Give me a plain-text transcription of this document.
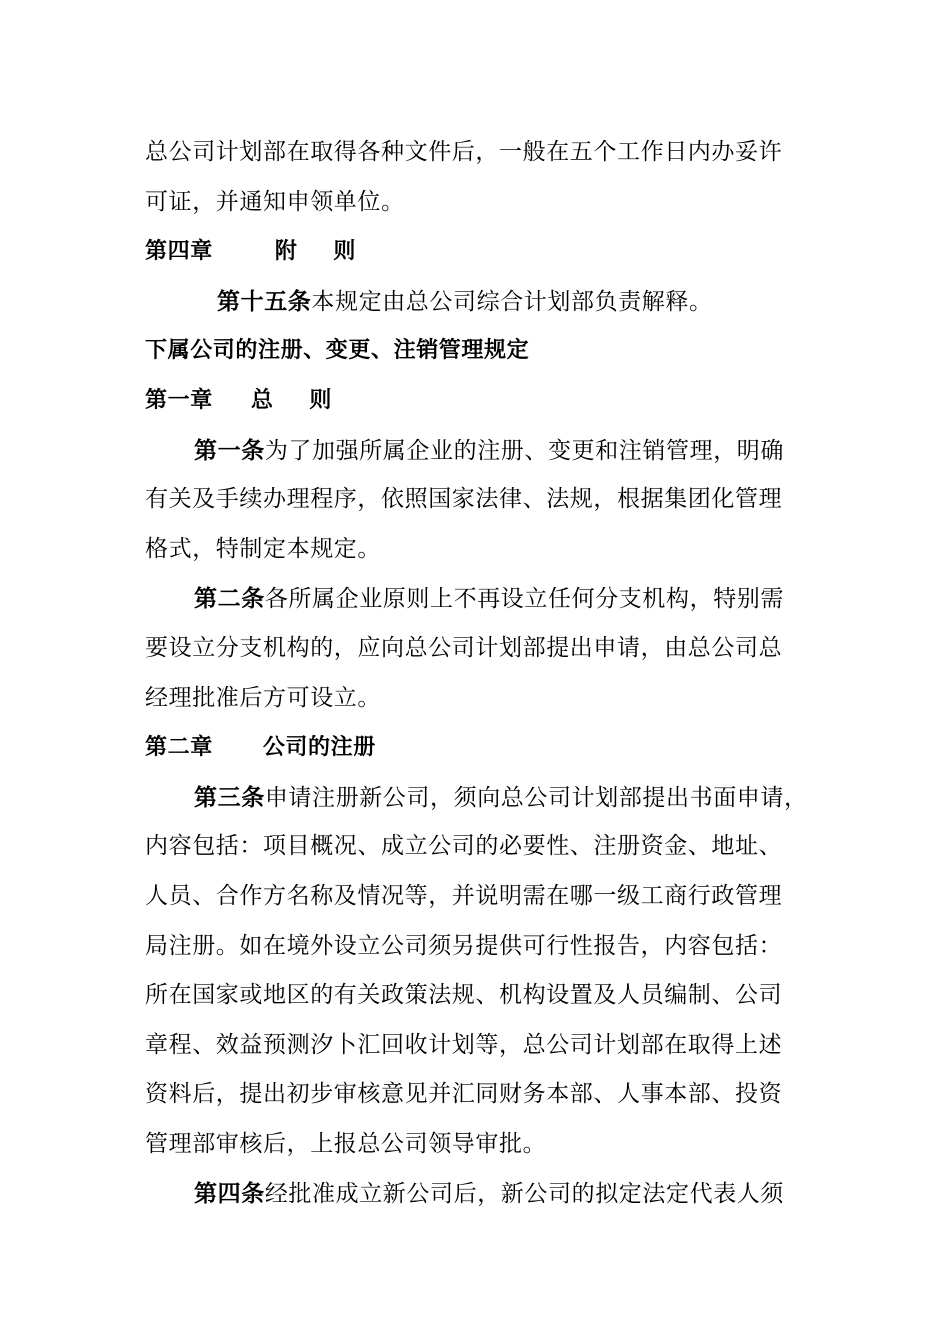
总公司计划部在取得各种文件后，一般在五个工作日内办妥许
可证，并通知申领单位。
第四章	附 则
第十五条本规定由总公司综合计划部负责解释。
下属公司的注册、变更、注销管理规定
第一章 总 则
第一条为了加强所属企业的注册、变更和注销管理，明确
有关及手续办理程序，依照国家法律、法规，根据集团化管理
格式，特制定本规定。
第二条各所属企业原则上不再设立任何分支机构，特别需
要设立分支机构的，应向总公司计划部提出申请，由总公司总
经理批准后方可设立。
第二章 公司的注册
第三条申请注册新公司，须向总公司计划部提出书面申请，
内容包括：项目概况、成立公司的必要性、注册资金、地址、
人员、合作方名称及情况等，并说明需在哪一级工商行政管理
局注册。如在境外设立公司须另提供可行性报告，内容包括：
所在国家或地区的有关政策法规、机构设置及人员编制、公司
章程、效益预测汐卜汇回收计划等，总公司计划部在取得上述
资料后，提出初步审核意见并汇同财务本部、人事本部、投资
管理部审核后，上报总公司领导审批。
第四条经批准成立新公司后，新公司的拟定法定代表人须
